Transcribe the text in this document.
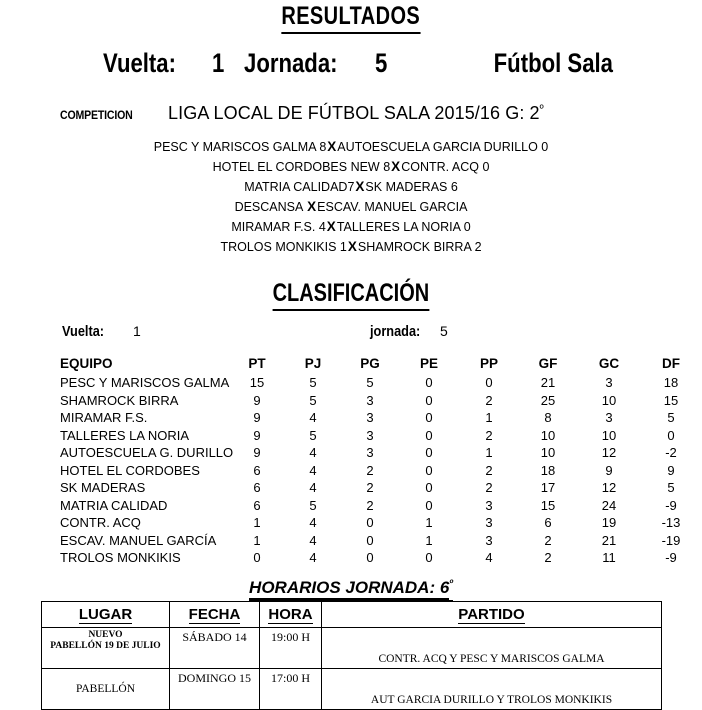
RESULTADOS
Vuelta: 1 Jornada: 5	Fútbol Sala
COMPETICION LIGA LOCAL DE FÚTBOL SALA 2015/16 G: $2^º$
PESC Y MARISCOS GALMA 8XAUTOESCUELA GARCIA DURILLO 0
HOTEL EL CORDOBES NEW 8XCONTR. ACQ 0
MATRIA CALIDAD7XSK MADERAS 6
DESCANSA XESCAV. MANUEL GARCIA
MIRAMAR F.S. 4XTALLERES LA NORIA 0
TROLOS MONKIKIS 1XSHAMROCK BIRRA 2
CLASIFICACIÓN
Vuelta: 1	jornada: 5
EQUIPO	PT	PJ	PG	PE	PP	GF	GC	DF
PESC Y MARISCOS GALMA	15	5	5	0	0	21	3	18
SHAMROCK BIRRA	9	5	3	0	2	25	10	15
MIRAMAR F.S.	9	4	3	0	1	8	3	5
TALLERES LA NORIA	9	5	3	0	2	10	10	0
AUTOESCUELA G. DURILLO	9	4	3	0	1	10	12	-2
HOTEL EL CORDOBES	6	4	2	0	2	18	9	9
SK MADERAS	6	4	2	0	2	17	12	5
MATRIA CALIDAD	6	5	2	0	3	15	24	-9
CONTR. ACQ	1	4	0	1	3	6	19	-13
ESCAV. MANUEL GARCÍA	1	4	0	1	3	2	21	-19
TROLOS MONKIKIS	0	4	0	0	4	2	11	-9
HORARIOS JORNADA: $6^º$
LUGAR	FECHA	HORA	PARTIDO

NUEVO
PABELLÓN 19 DE JULIO	SÁBADO 14	19:00 H	CONTR. ACQ Y PESC Y MARISCOS GALMA

PABELLÓN	DOMINGO 15	17:00 H	AUT GARCIA DURILLO Y TROLOS MONKIKIS
